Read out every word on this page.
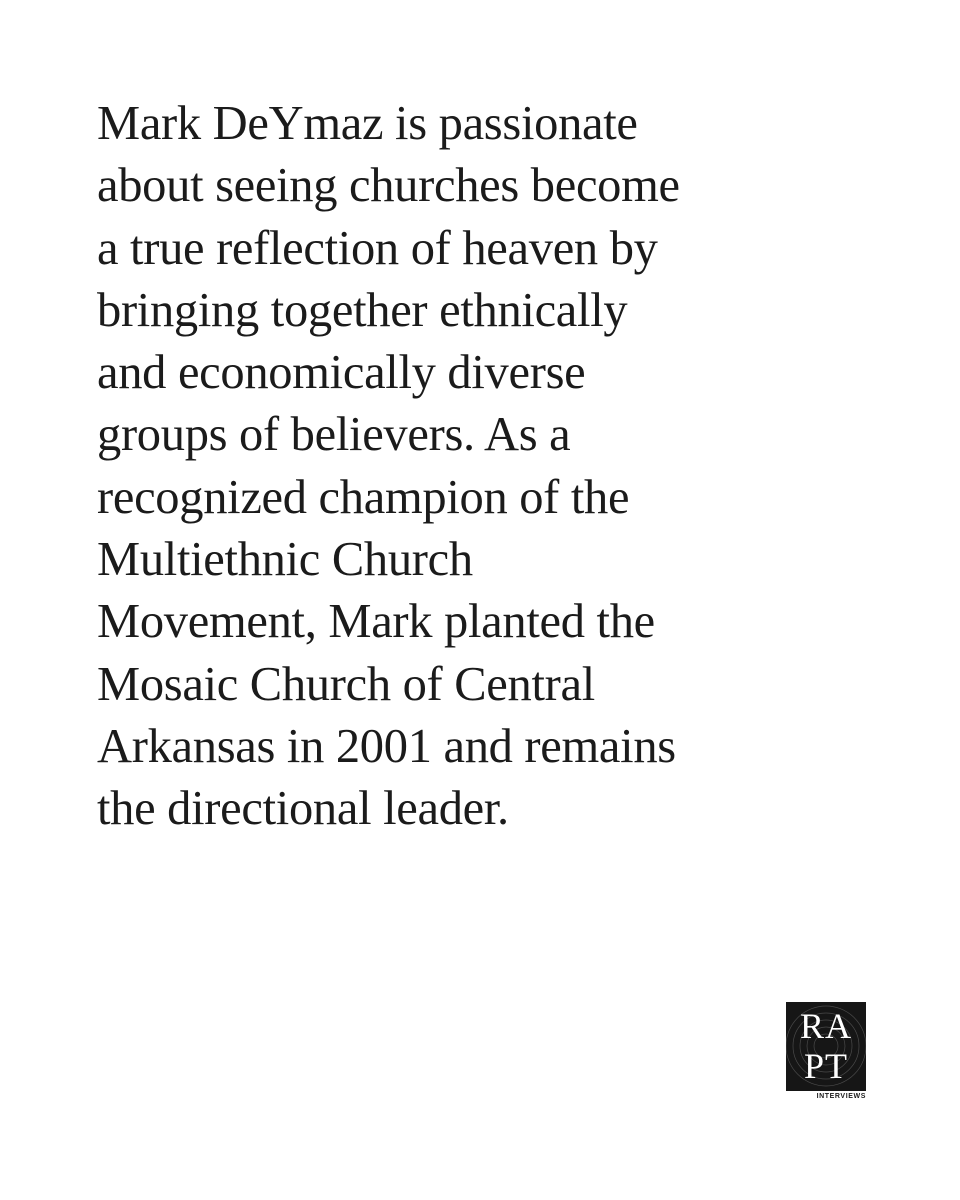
Mark DeYmaz is passionate
about seeing churches become
a true reflection of heaven by
bringing together ethnically
and economically diverse
groups of believers. As a
recognized champion of the
Multiethnic Church
Movement, Mark planted the
Mosaic Church of Central
Arkansas in 2001 and remains
the directional leader.

RA
PT
INTERVIEWS
